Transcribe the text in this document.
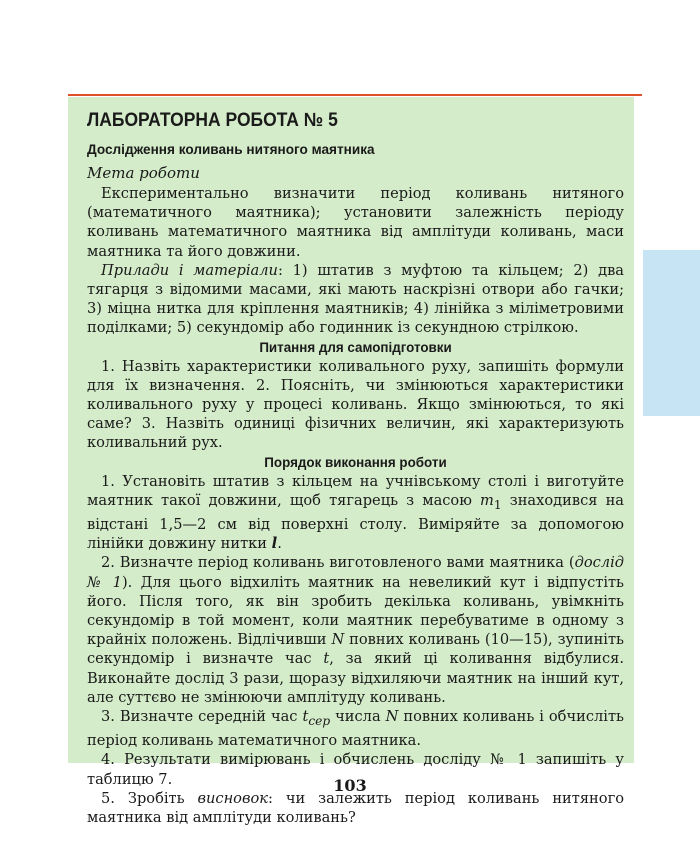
ЛАБОРАТОРНА РОБОТА № 5
Дослідження коливань нитяного маятника
Мета роботи

Експериментально визначити період коливань нитяного (математичного маятника); установити залежність періоду коливань математичного маятника від амплітуди коливань, маси маятника та його довжини.

Прилади і матеріали: 1) штатив з муфтою та кільцем; 2) два тягарця з відомими масами, які мають наскрізні отвори або гачки; 3) міцна нитка для кріплення маятників; 4) лінійка з міліметровими поділками; 5) секундомір або годинник із секундною стрілкою.

Питання для самопідготовки

1. Назвіть характеристики коливального руху, запишіть формули для їх визначення. 2. Поясніть, чи змінюються характеристики коливального руху у процесі коливань. Якщо змінюються, то які саме? 3. Назвіть одиниці фізичних величин, які характеризують коливальний рух.

Порядок виконання роботи

1. Установіть штатив з кільцем на учнівському столі і виготуйте маятник такої довжини, щоб тягарець з масою $m_1$ знаходився на відстані 1,5—2 см від поверхні столу. Виміряйте за допомогою лінійки довжину нитки l.

2. Визначте період коливань виготовленого вами маятника (дослід № 1). Для цього відхиліть маятник на невеликий кут і відпустіть його. Після того, як він зробить декілька коливань, увімкніть секундомір в той момент, коли маятник перебуватиме в одному з крайніх положень. Відлічивши N повних коливань (10—15), зупиніть секундомір і визначте час t, за який ці коливання відбулися. Виконайте дослід 3 рази, щоразу відхиляючи маятник на інший кут, але суттєво не змінюючи амплітуду коливань.

3. Визначте середній час $t_{сер}$ числа N повних коливань і обчисліть період коливань математичного маятника.

4. Результати вимірювань і обчислень досліду № 1 запишіть у таблицю 7.

5. Зробіть висновок: чи залежить період коливань нитяного маятника від амплітуди коливань?

103
